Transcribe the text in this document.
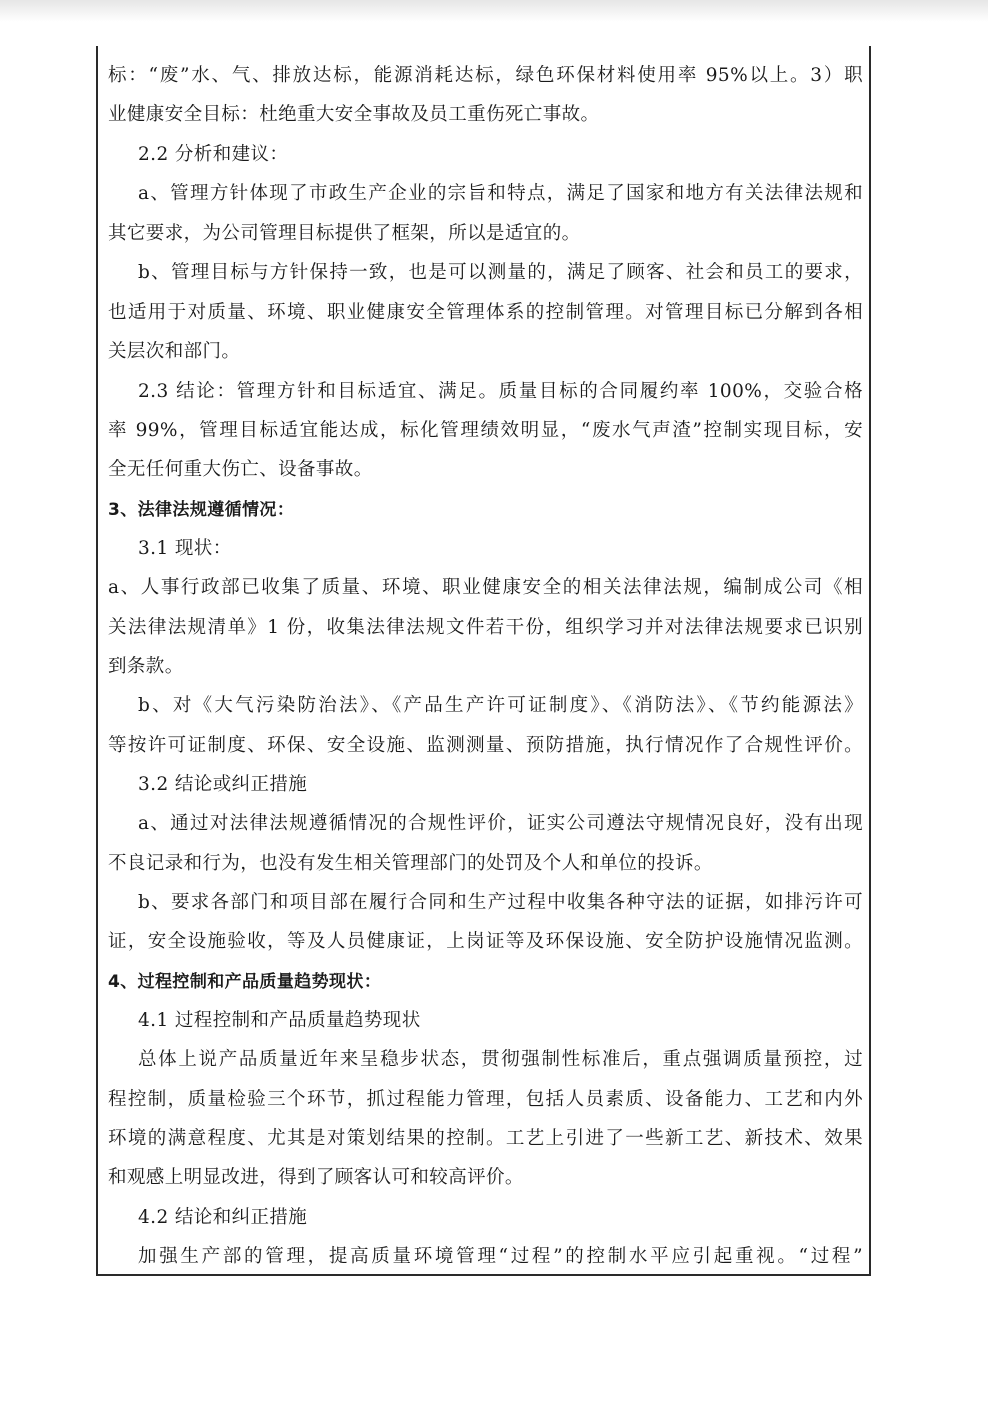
标：“废”水、气、排放达标，能源消耗达标，绿色环保材料使用率 95%以上。3）职
业健康安全目标：杜绝重大安全事故及员工重伤死亡事故。
2.2 分析和建议：
a、管理方针体现了市政生产企业的宗旨和特点，满足了国家和地方有关法律法规和
其它要求，为公司管理目标提供了框架，所以是适宜的。
b、管理目标与方针保持一致，也是可以测量的，满足了顾客、社会和员工的要求，
也适用于对质量、环境、职业健康安全管理体系的控制管理。对管理目标已分解到各相
关层次和部门。
2.3 结论：管理方针和目标适宜、满足。质量目标的合同履约率 100%，交验合格
率 99%，管理目标适宜能达成，标化管理绩效明显，“废水气声渣”控制实现目标，安
全无任何重大伤亡、设备事故。
3、法律法规遵循情况：
3.1 现状：
a、人事行政部已收集了质量、环境、职业健康安全的相关法律法规，编制成公司《相
关法律法规清单》1 份，收集法律法规文件若干份，组织学习并对法律法规要求已识别
到条款。
b、对《大气污染防治法》、《产品生产许可证制度》、《消防法》、《节约能源法》
等按许可证制度、环保、安全设施、监测测量、预防措施，执行情况作了合规性评价。
3.2 结论或纠正措施
a、通过对法律法规遵循情况的合规性评价，证实公司遵法守规情况良好，没有出现
不良记录和行为，也没有发生相关管理部门的处罚及个人和单位的投诉。
b、要求各部门和项目部在履行合同和生产过程中收集各种守法的证据，如排污许可
证，安全设施验收，等及人员健康证，上岗证等及环保设施、安全防护设施情况监测。
4、过程控制和产品质量趋势现状：
4.1 过程控制和产品质量趋势现状
总体上说产品质量近年来呈稳步状态，贯彻强制性标准后，重点强调质量预控，过
程控制，质量检验三个环节，抓过程能力管理，包括人员素质、设备能力、工艺和内外
环境的满意程度、尤其是对策划结果的控制。工艺上引进了一些新工艺、新技术、效果
和观感上明显改进，得到了顾客认可和较高评价。
4.2 结论和纠正措施
加强生产部的管理，提高质量环境管理“过程”的控制水平应引起重视。“过程”
